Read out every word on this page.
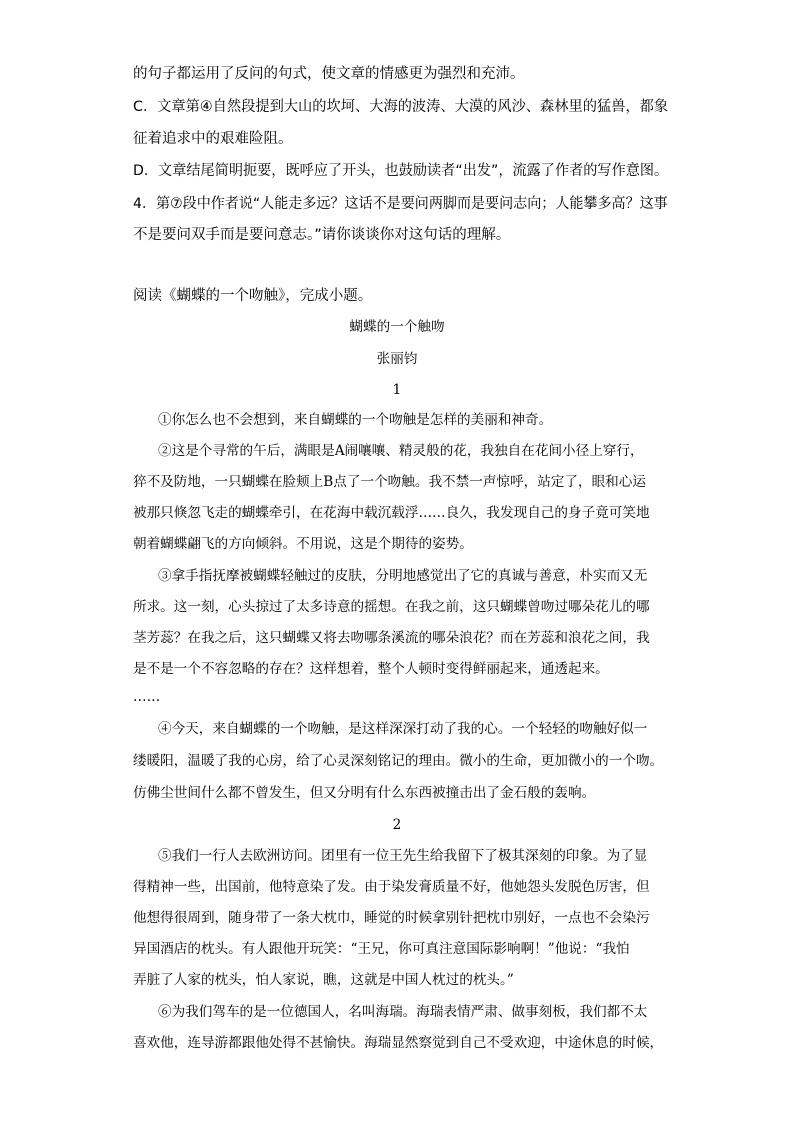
的句子都运用了反问的句式，使文章的情感更为强烈和充沛。
C．文章第④自然段提到大山的坎坷、大海的波涛、大漠的风沙、森林里的猛兽，都象
征着追求中的艰难险阻。
D．文章结尾简明扼要，既呼应了开头，也鼓励读者“出发”，流露了作者的写作意图。
4．第⑦段中作者说“人能走多远？这话不是要问两脚而是要问志向；人能攀多高？这事
不是要问双手而是要问意志。”请你谈谈你对这句话的理解。
阅读《蝴蝶的一个吻触》，完成小题。
蝴蝶的一个触吻
张丽钧
1
①你怎么也不会想到，来自蝴蝶的一个吻触是怎样的美丽和神奇。
②这是个寻常的午后，满眼是A闹嚷嚷、精灵般的花，我独自在花间小径上穿行，
猝不及防地，一只蝴蝶在脸颊上B点了一个吻触。我不禁一声惊呼，站定了，眼和心运
被那只倏忽飞走的蝴蝶牵引，在花海中载沉载浮……良久，我发现自己的身子竟可笑地
朝着蝴蝶翩飞的方向倾斜。不用说，这是个期待的姿势。
③拿手指抚摩被蝴蝶轻触过的皮肤，分明地感觉出了它的真诚与善意，朴实而又无
所求。这一刻，心头掠过了太多诗意的摇想。在我之前，这只蝴蝶曾吻过哪朵花儿的哪
茎芳蕊？在我之后，这只蝴蝶又将去吻哪条溪流的哪朵浪花？而在芳蕊和浪花之间，我
是不是一个不容忽略的存在？这样想着，整个人顿时变得鲜丽起来，通透起来。
……
④今天，来自蝴蝶的一个吻触，是这样深深打动了我的心。一个轻轻的吻触好似一
缕暖阳，温暖了我的心房，给了心灵深刻铭记的理由。微小的生命，更加微小的一个吻。
仿佛尘世间什么都不曾发生，但又分明有什么东西被撞击出了金石般的轰响。
2
⑤我们一行人去欧洲访问。团里有一位王先生给我留下了极其深刻的印象。为了显
得精神一些，出国前，他特意染了发。由于染发膏质量不好，他她怨头发脱色厉害，但
他想得很周到，随身带了一条大枕巾，睡觉的时候拿别针把枕巾别好，一点也不会染污
异国酒店的枕头。有人跟他开玩笑：“王兄，你可真注意国际影响啊！”他说：“我怕
弄脏了人家的枕头，怕人家说，瞧，这就是中国人枕过的枕头。”
⑥为我们驾车的是一位德国人，名叫海瑞。海瑞表情严肃、做事刻板，我们都不太
喜欢他，连导游都跟他处得不甚愉快。海瑞显然察觉到自己不受欢迎，中途休息的时候，
